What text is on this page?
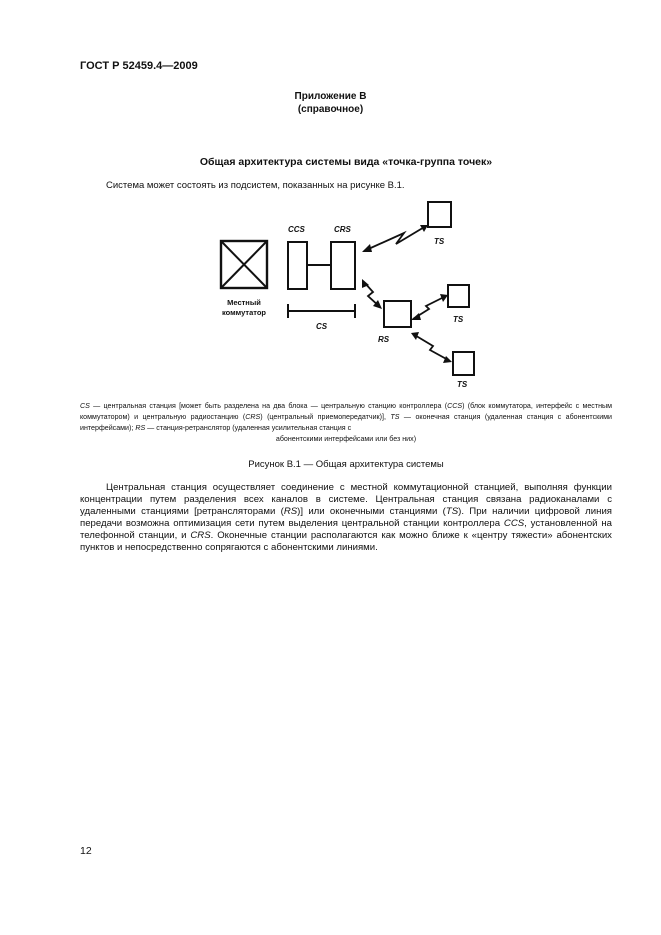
ГОСТ Р 52459.4—2009
Приложение В
(справочное)
Общая архитектура системы вида «точка-группа точек»
Система может состоять из подсистем, показанных на рисунке В.1.
CCS	CRS
CS
RS
TS
TS
TS
Местный
коммутатор
CS — центральная станция [может быть разделена на два блока — центральную станцию контроллера (CCS) (блок коммутатора, интерфейс с местным коммутатором) и центральную радиостанцию (CRS) (центральный приемопередатчик)], TS — оконечная станция (удаленная станция с абонентскими интерфейсами); RS — станция-ретранслятор (удаленная усилительная станция с
абонентскими интерфейсами или без них)
Рисунок В.1 — Общая архитектура системы
Центральная станция осуществляет соединение с местной коммутационной станцией, выполняя функции концентрации путем разделения всех каналов в системе. Центральная станция связана радиоканалами с удаленными станциями [ретрансляторами (RS)] или оконечными станциями (TS). При наличии цифровой линия передачи возможна оптимизация сети путем выделения центральной станции контроллера CCS, установленной на телефонной станции, и CRS. Оконечные станции располагаются как можно ближе к «центру тяжести» абонентских пунктов и непосредственно сопрягаются с абонентскими линиями.
12
